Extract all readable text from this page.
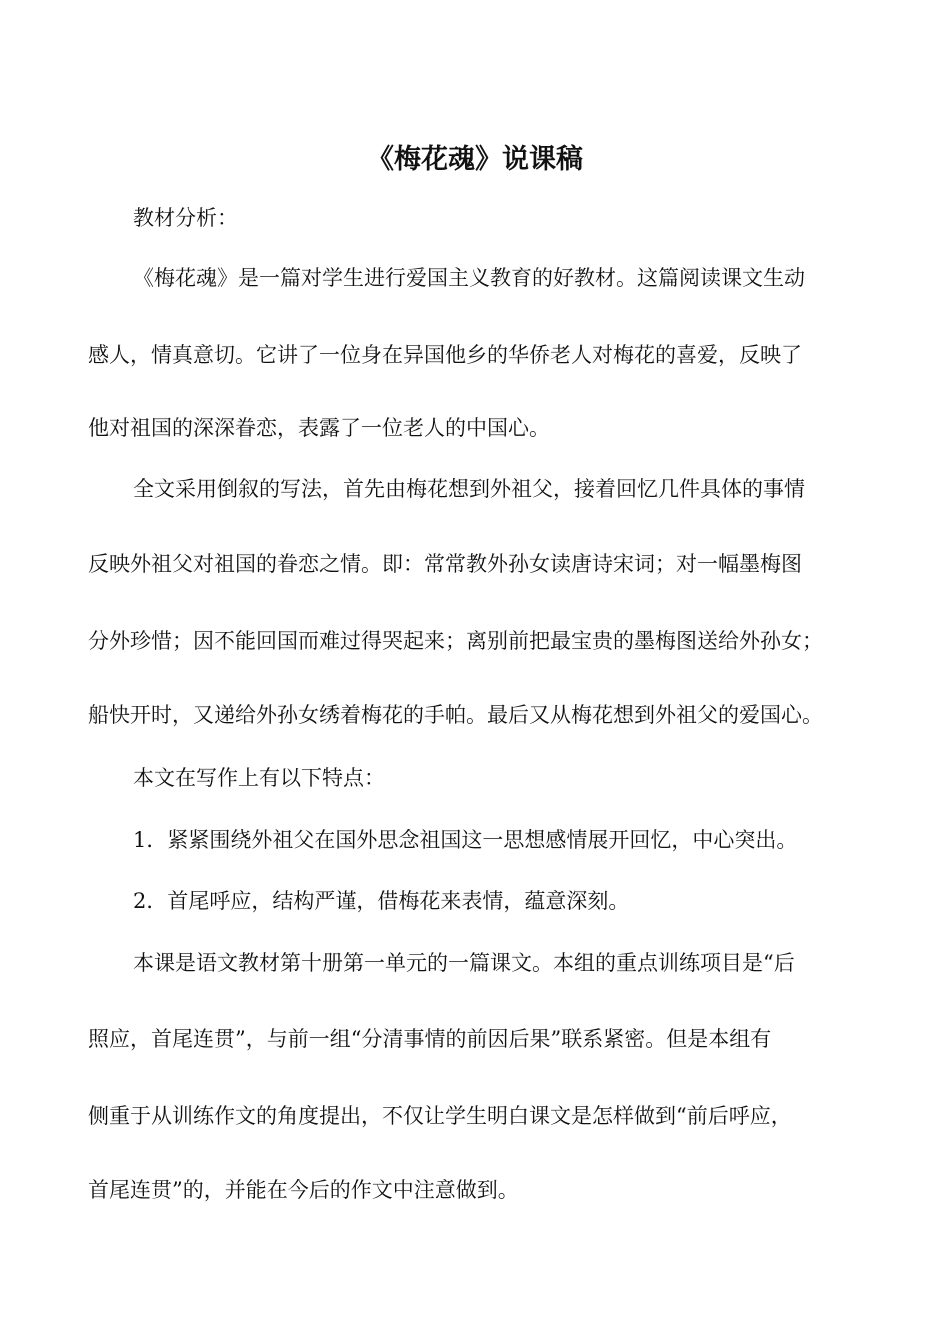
《梅花魂》说课稿

教材分析：

《梅花魂》是一篇对学生进行爱国主义教育的好教材。这篇阅读课文生动

感人，情真意切。它讲了一位身在异国他乡的华侨老人对梅花的喜爱，反映了

他对祖国的深深眷恋，表露了一位老人的中国心。

全文采用倒叙的写法，首先由梅花想到外祖父，接着回忆几件具体的事情

反映外祖父对祖国的眷恋之情。即：常常教外孙女读唐诗宋词；对一幅墨梅图

分外珍惜；因不能回国而难过得哭起来；离别前把最宝贵的墨梅图送给外孙女；

船快开时，又递给外孙女绣着梅花的手帕。最后又从梅花想到外祖父的爱国心。

本文在写作上有以下特点：

1．紧紧围绕外祖父在国外思念祖国这一思想感情展开回忆，中心突出。

2．首尾呼应，结构严谨，借梅花来表情，蕴意深刻。

本课是语文教材第十册第一单元的一篇课文。本组的重点训练项目是“后

照应，首尾连贯”，与前一组“分清事情的前因后果”联系紧密。但是本组有

侧重于从训练作文的角度提出，不仅让学生明白课文是怎样做到“前后呼应，

首尾连贯”的，并能在今后的作文中注意做到。
